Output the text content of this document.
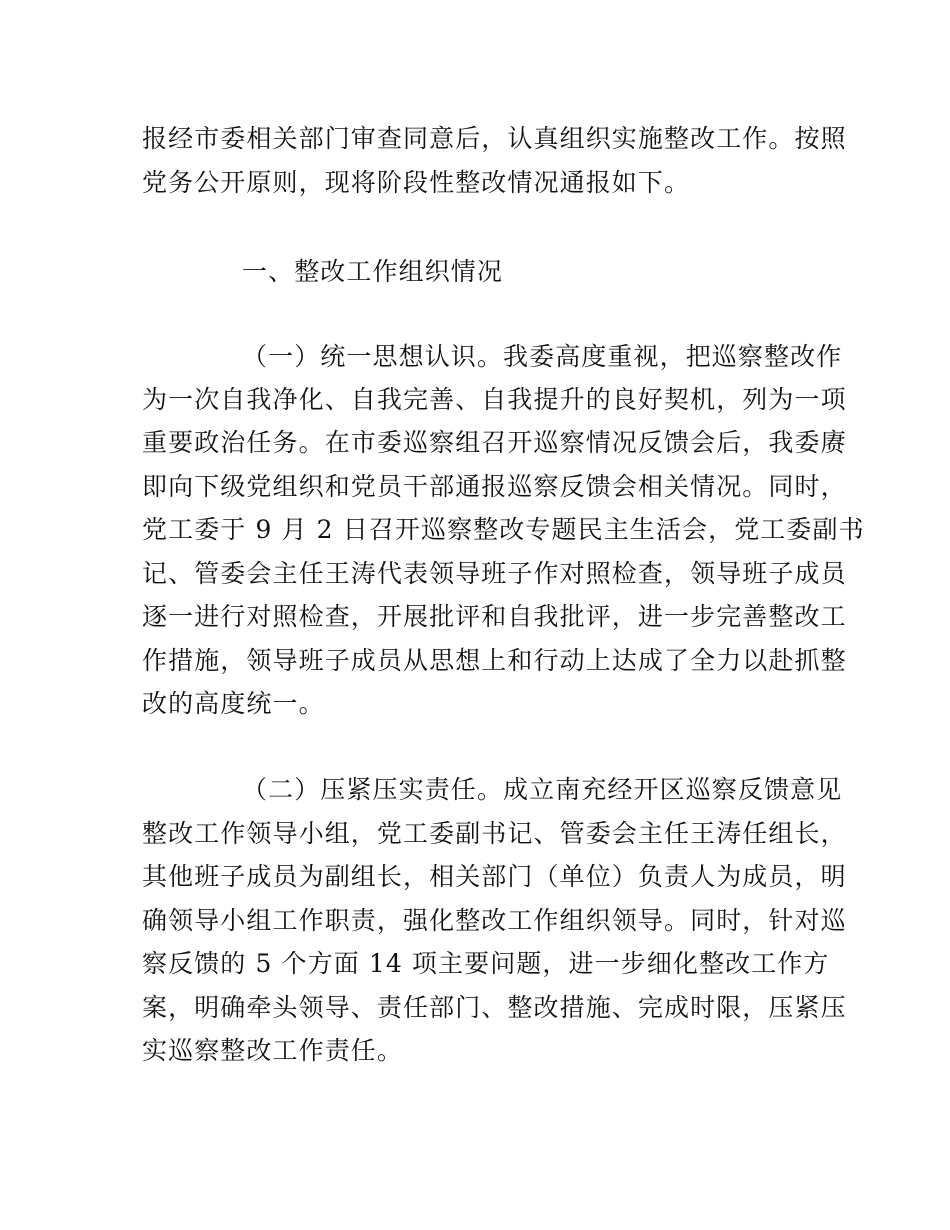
报经市委相关部门审查同意后，认真组织实施整改工作。按照
党务公开原则，现将阶段性整改情况通报如下。
一、整改工作组织情况
（一）统一思想认识。我委高度重视，把巡察整改作
为一次自我净化、自我完善、自我提升的良好契机，列为一项
重要政治任务。在市委巡察组召开巡察情况反馈会后，我委赓
即向下级党组织和党员干部通报巡察反馈会相关情况。同时，
党工委于 9 月 2 日召开巡察整改专题民主生活会，党工委副书
记、管委会主任王涛代表领导班子作对照检查，领导班子成员
逐一进行对照检查，开展批评和自我批评，进一步完善整改工
作措施，领导班子成员从思想上和行动上达成了全力以赴抓整
改的高度统一。
（二）压紧压实责任。成立南充经开区巡察反馈意见
整改工作领导小组，党工委副书记、管委会主任王涛任组长，
其他班子成员为副组长，相关部门（单位）负责人为成员，明
确领导小组工作职责，强化整改工作组织领导。同时，针对巡
察反馈的 5 个方面 14 项主要问题，进一步细化整改工作方
案，明确牵头领导、责任部门、整改措施、完成时限，压紧压
实巡察整改工作责任。
